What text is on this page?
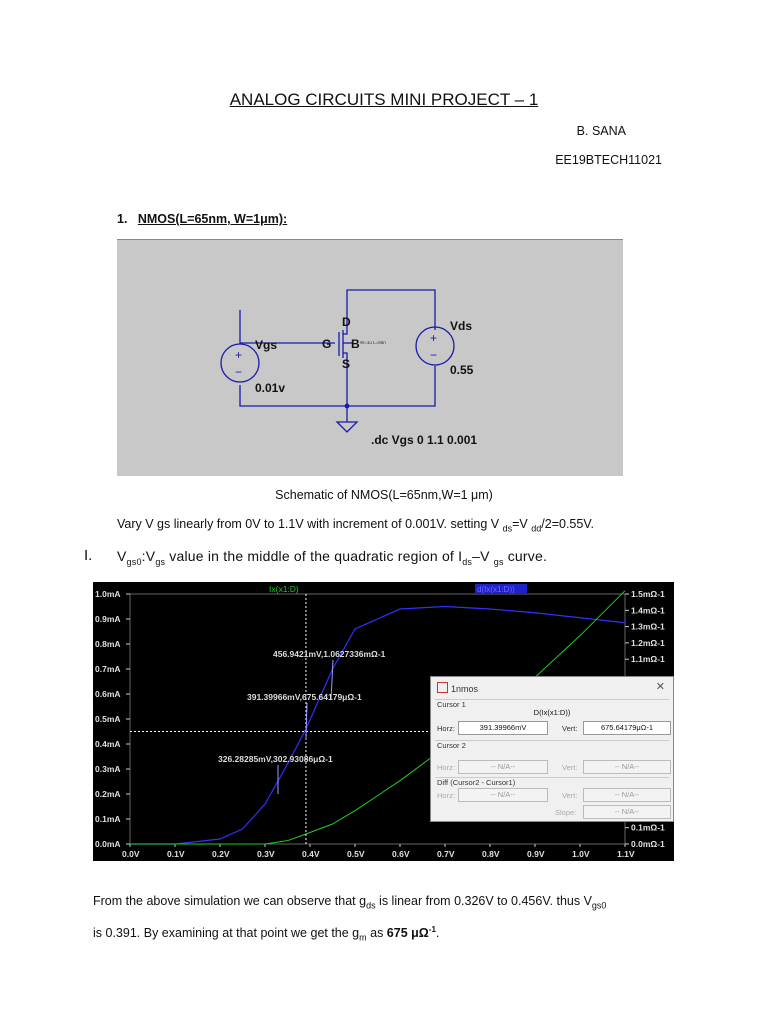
ANALOG CIRCUITS MINI PROJECT – 1
B. SANA
EE19BTECH11021
1. NMOS(L=65nm, W=1μm):
+
−
+
−
Vgs
0.01v
Vds
0.55
D
G B
S
W=1u L=65n
.dc Vgs 0 1.1 0.001
Schematic of NMOS(L=65nm,W=1 μm)
Vary V gs linearly from 0V to 1.1V with increment of 0.001V. setting V $_{ds}$=V $_{dd}$/2=0.55V.
I. $V_{gs0}:V_{gs}$ value in the middle of the quadratic region of $I_{ds}-V$ $_{gs}$ curve.
1.0mA
0.9mA
0.8mA
0.7mA
0.6mA
0.5mA
0.4mA
0.3mA
0.2mA
0.1mA
0.0mA
1.5mΩ-1
1.4mΩ-1
1.3mΩ-1
1.2mΩ-1
1.1mΩ-1
0.1mΩ-1
0.0mΩ-1
0.0V	0.1V	0.2V	0.3V	0.4V	0.5V	0.6V	0.7V	0.8V	0.9V	1.0V	1.1V
Ix(x1:D)	d(Ix(x1:D))
456.9421mV,1.0627336mΩ-1
391.39966mV,675.64179μΩ-1
326.28285mV,302.93086μΩ-1
1nmos	✕
Cursor 1
D(Ix(x1:D))
Horz:	391.39966mV	Vert:	675.64179μΩ-1
Cursor 2
Horz:	-- N/A--	Vert:	-- N/A--
Diff (Cursor2 - Cursor1)
Horz:	-- N/A--	Vert:	-- N/A--
Slope:	-- N/A--
From the above simulation we can observe that $g_{ds}$ is linear from 0.326V to 0.456V. thus $V_{gs0}$
is 0.391. By examining at that point we get the $g_m$ as 675 $\mu\Omega^{-1}$.
